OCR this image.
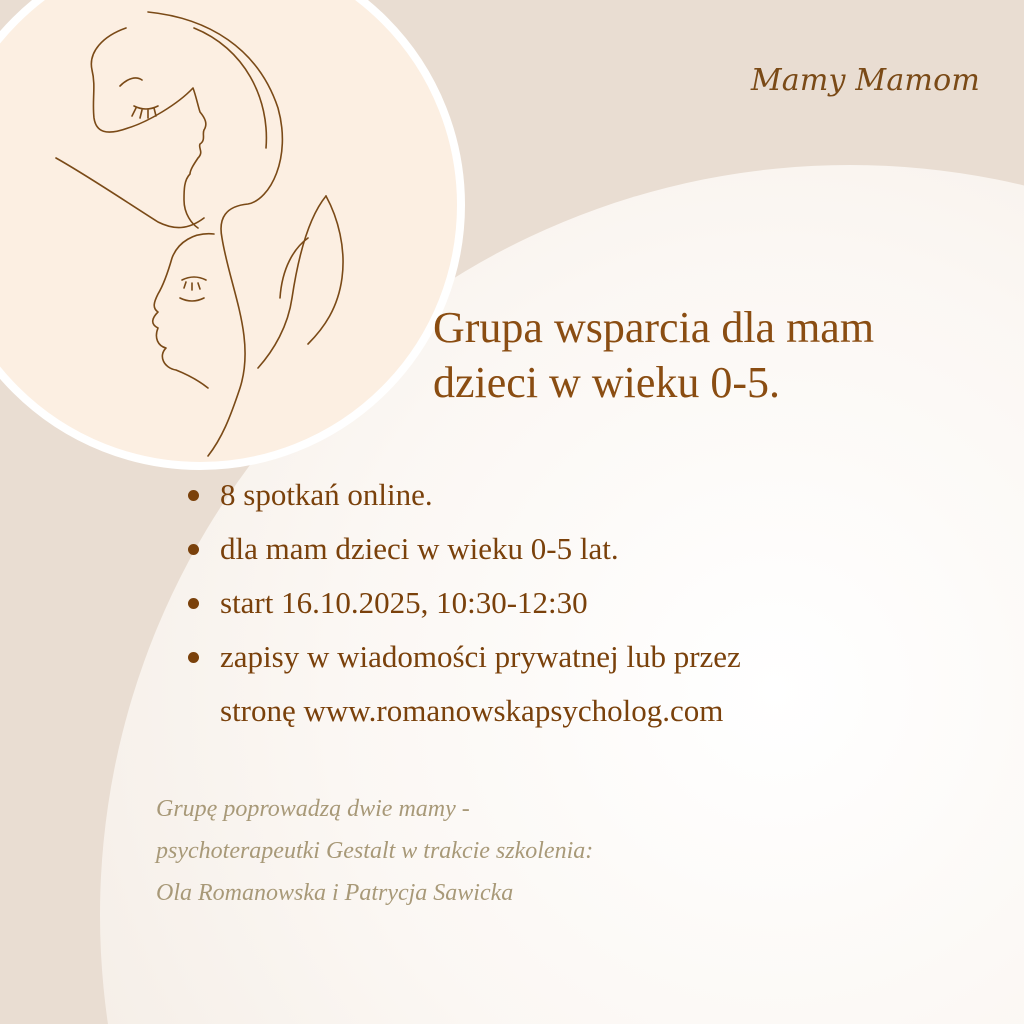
Mamy Mamom
Grupa wsparcia dla mam
dzieci w wieku 0-5.
8 spotkań online.
dla mam dzieci w wieku 0-5 lat.
start 16.10.2025, 10:30-12:30
zapisy w wiadomości prywatnej lub przez
stronę www.romanowskapsycholog.com
Grupę poprowadzą dwie mamy -
psychoterapeutki Gestalt w trakcie szkolenia:
Ola Romanowska i Patrycja Sawicka
